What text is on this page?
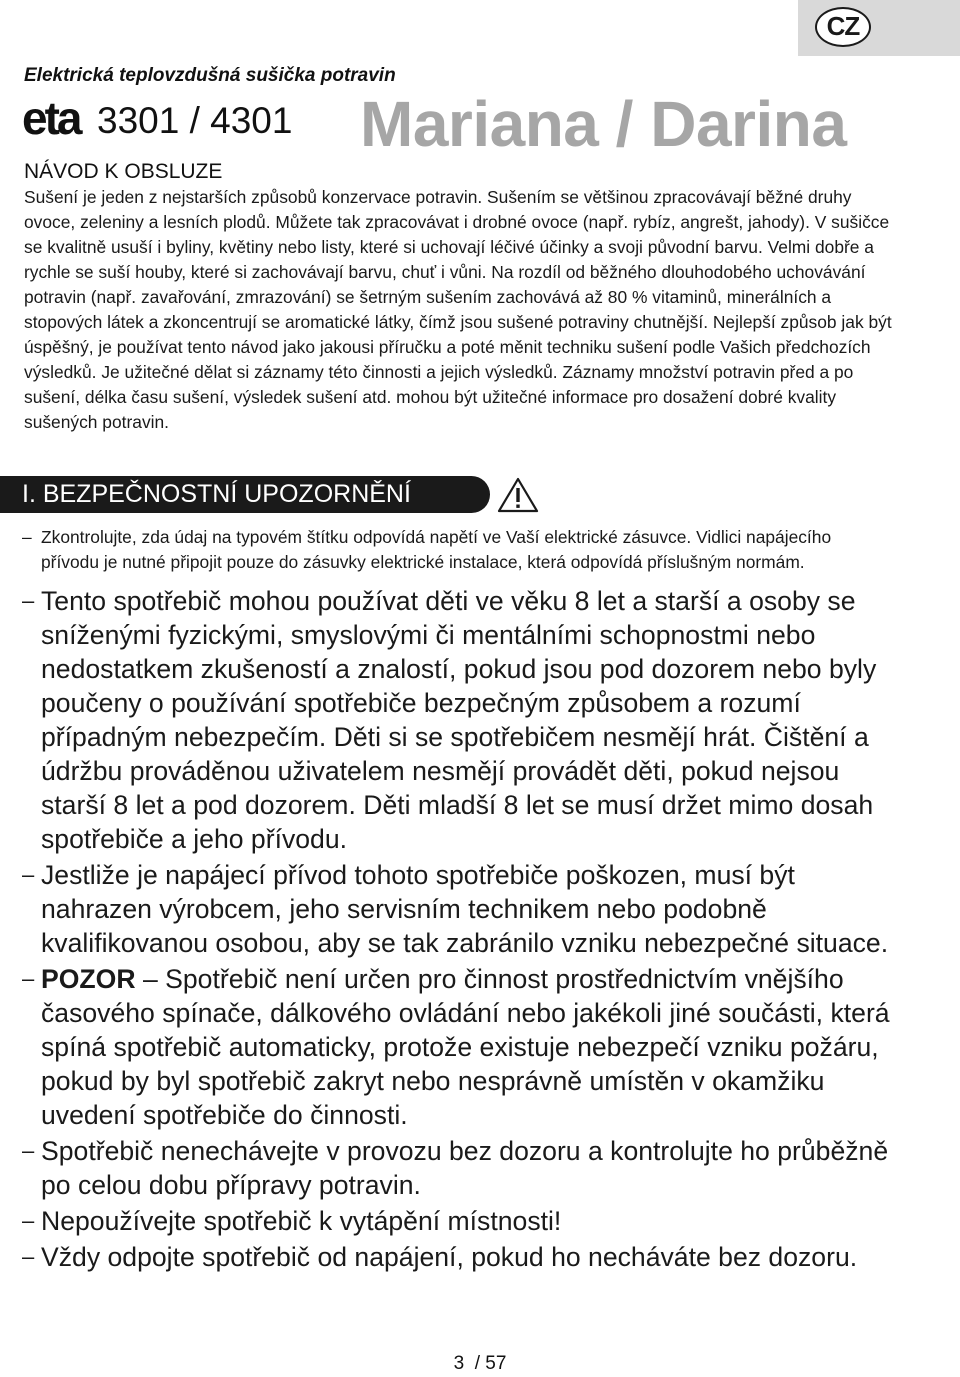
CZ
Elektrická teplovzdušná sušička potravin
eta 3301 / 4301 Mariana / Darina
NÁVOD K OBSLUZE

Sušení je jeden z nejstarších způsobů konzervace potravin. Sušením se většinou zpracovávají běžné druhy ovoce, zeleniny a lesních plodů. Můžete tak zpracovávat i drobné ovoce (např. rybíz, angrešt, jahody). V sušičce se kvalitně usuší i byliny, květiny nebo listy, které si uchovají léčivé účinky a svoji původní barvu. Velmi dobře a rychle se suší houby, které si zachovávají barvu, chuť i vůni. Na rozdíl od běžného dlouhodobého uchovávání potravin (např. zavařování, zmrazování) se šetrným sušením zachovává až 80 % vitaminů, minerálních a stopových látek a zkoncentrují se aromatické látky, čímž jsou sušené potraviny chutnější. Nejlepší způsob jak být úspěšný, je používat tento návod jako jakousi příručku a poté měnit techniku sušení podle Vašich předchozích výsledků. Je užitečné dělat si záznamy této činnosti a jejich výsledků. Záznamy množství potravin před a po sušení, délka času sušení, výsledek sušení atd. mohou být užitečné informace pro dosažení dobré kvality sušených potravin.

I. BEZPEČNOSTNÍ UPOZORNĚNÍ
– Zkontrolujte, zda údaj na typovém štítku odpovídá napětí ve Vaší elektrické zásuvce. Vidlici napájecího přívodu je nutné připojit pouze do zásuvky elektrické instalace, která odpovídá příslušným normám.
– Tento spotřebič mohou používat děti ve věku 8 let a starší a osoby se sníženými fyzickými, smyslovými či mentálními schopnostmi nebo nedostatkem zkušeností a znalostí, pokud jsou pod dozorem nebo byly poučeny o používání spotřebiče bezpečným způsobem a rozumí případným nebezpečím. Děti si se spotřebičem nesmějí hrát. Čištění a údržbu prováděnou uživatelem nesmějí provádět děti, pokud nejsou starší 8 let a pod dozorem. Děti mladší 8 let se musí držet mimo dosah spotřebiče a jeho přívodu.
– Jestliže je napájecí přívod tohoto spotřebiče poškozen, musí být nahrazen výrobcem, jeho servisním technikem nebo podobně kvalifikovanou osobou, aby se tak zabránilo vzniku nebezpečné situace.
– POZOR – Spotřebič není určen pro činnost prostřednictvím vnějšího časového spínače, dálkového ovládání nebo jakékoli jiné součásti, která spíná spotřebič automaticky, protože existuje nebezpečí vzniku požáru, pokud by byl spotřebič zakryt nebo nesprávně umístěn v okamžiku uvedení spotřebiče do činnosti.
– Spotřebič nenechávejte v provozu bez dozoru a kontrolujte ho průběžně po celou dobu přípravy potravin.
– Nepoužívejte spotřebič k vytápění místnosti!
– Vždy odpojte spotřebič od napájení, pokud ho necháváte bez dozoru.
3  / 57
